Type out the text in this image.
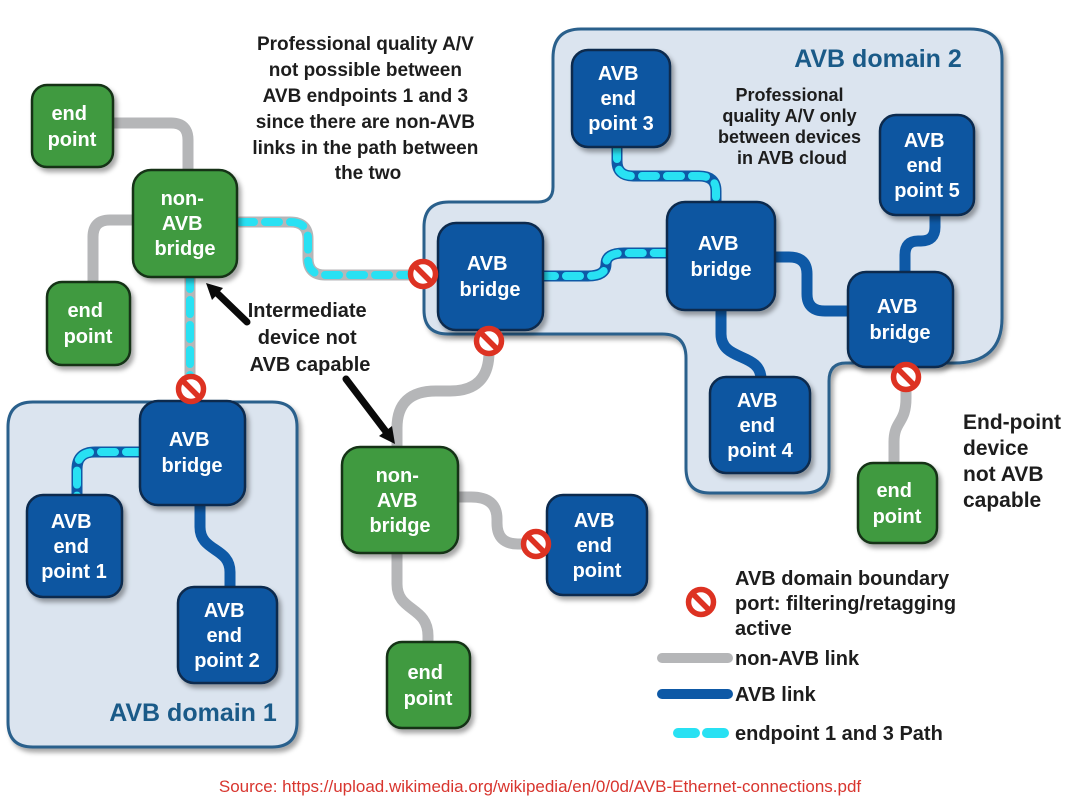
AVB domain 2
AVB domain 1
end point
non- AVB bridge
end point
AVB bridge
AVB end point 1
AVB end point 2
AVB bridge
AVB bridge
AVB bridge
AVB end point 3
AVB end point 4
AVB end point 5
non- AVB bridge
end point
AVB end point
end point
Professional quality A/V not possible between AVB endpoints 1 and 3 since there are non-AVB links in the path between the two
Professional quality A/V only between devices in AVB cloud
Intermediate device not AVB capable
End-point device not AVB capable
AVB domain boundary port: filtering/retagging active
non-AVB link
AVB link
endpoint 1 and 3 Path
Source: https://upload.wikimedia.org/wikipedia/en/0/0d/AVB-Ethernet-connections.pdf
